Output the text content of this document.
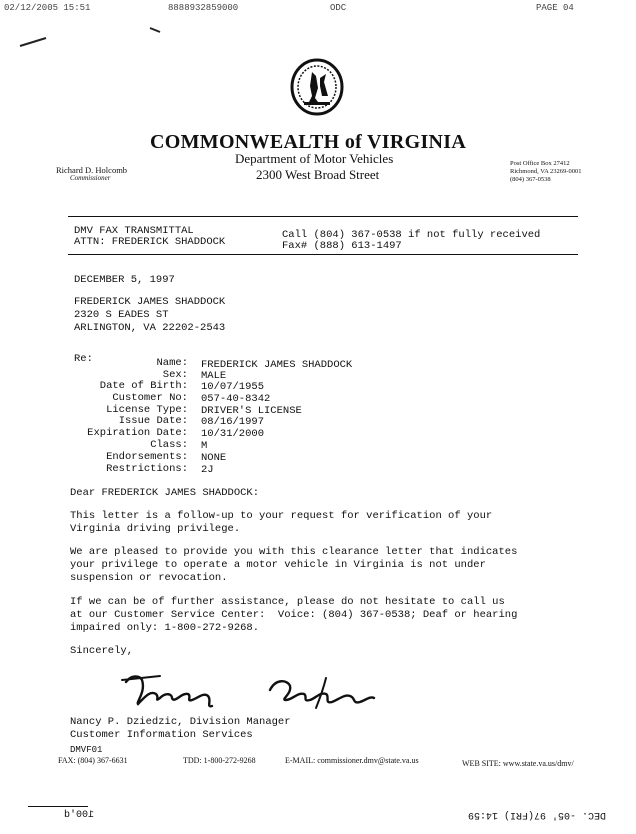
02/12/2005 15:51	8888932859000	ODC	PAGE 04
COMMONWEALTH of VIRGINIA
Department of Motor Vehicles
2300 West Broad Street
Richard D. Holcomb
Commissioner
Post Office Box 27412
Richmond, VA 23269-0001
(804) 367-0538
DMV FAX TRANSMITTAL	Call (804) 367-0538 if not fully received
ATTN: FREDERICK SHADDOCK	Fax# (888) 613-1497
DECEMBER 5, 1997
FREDERICK JAMES SHADDOCK
2320 S EADES ST
ARLINGTON, VA 22202-2543
Re:	Name: FREDERICK JAMES SHADDOCK
Sex: MALE
Date of Birth: 10/07/1955
Customer No: 057-40-8342
License Type: DRIVER'S LICENSE
Issue Date: 08/16/1997
Expiration Date: 10/31/2000
Class: M
Endorsements: NONE
Restrictions: 2J
Dear FREDERICK JAMES SHADDOCK:
This letter is a follow-up to your request for verification of your
Virginia driving privilege.
We are pleased to provide you with this clearance letter that indicates
your privilege to operate a motor vehicle in Virginia is not under
suspension or revocation.
If we can be of further assistance, please do not hesitate to call us
at our Customer Service Center:  Voice: (804) 367-0538; Deaf or hearing
impaired only: 1-800-272-9268.
Sincerely,
Nancy P. Dziedzic, Division Manager
Customer Information Services
DMVF01
FAX: (804) 367-6631	TDD: 1-800-272-9268	E-MAIL: commissioner.dmv@state.va.us	WEB SITE: www.state.va.us/dmv/
100'd	DEC. -05' 97(FRI) 14:59
